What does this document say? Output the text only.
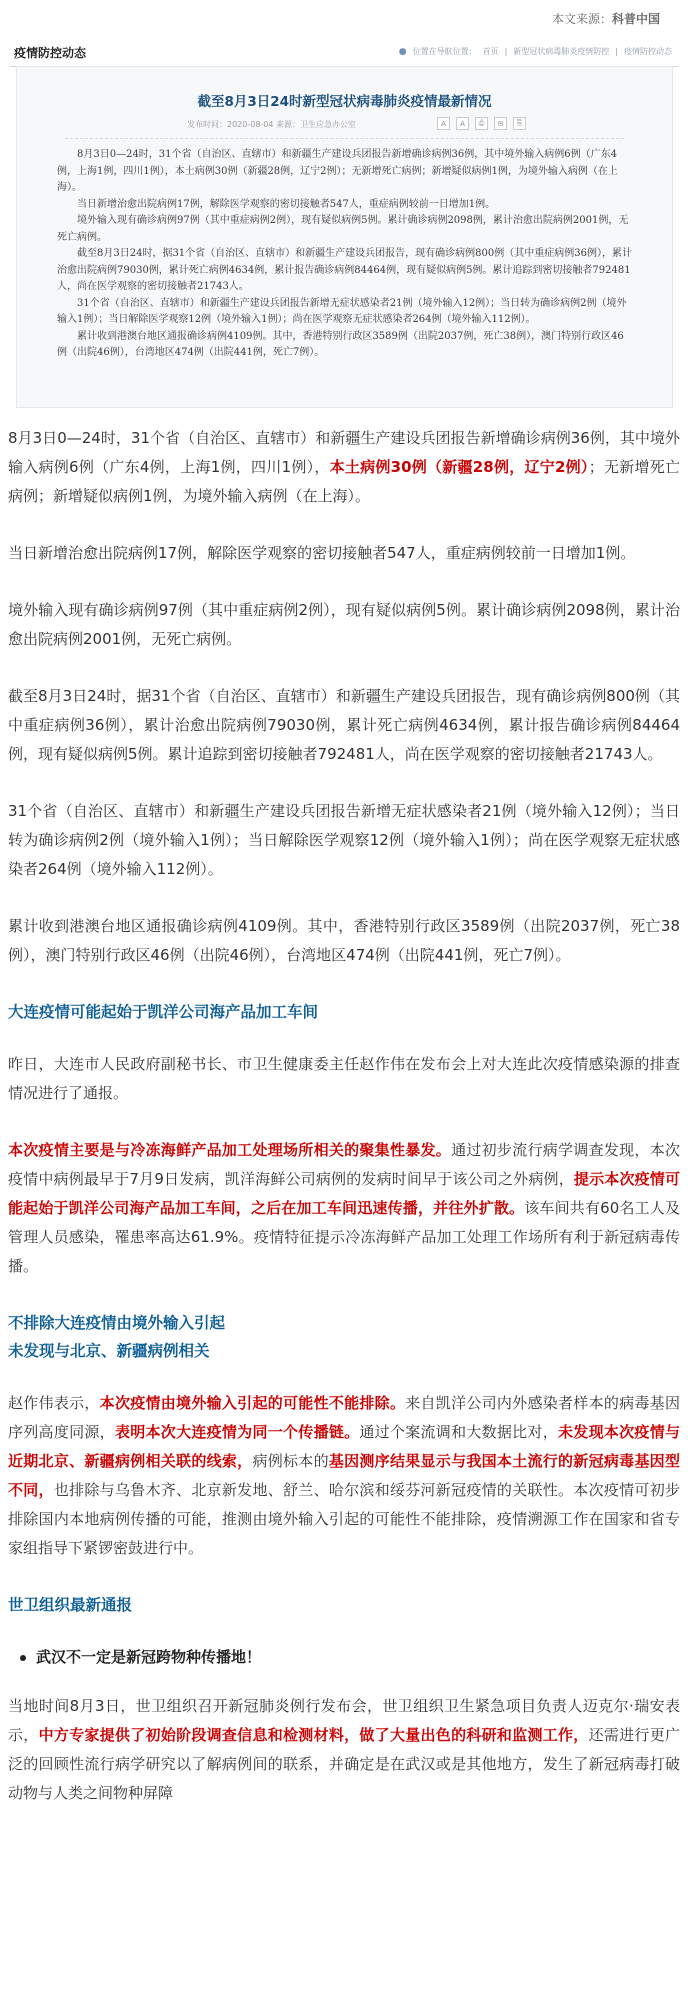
本文来源：科普中国
疫情防控动态	● 位置在导航位置： 首页 | 新型冠状病毒肺炎疫情防控 | 疫情防控动态
截至8月3日24时新型冠状病毒肺炎疫情最新情况
发布时间：2020-08-04 来源：卫生应急办公室	A	A	⎙	✉	⎘

8月3日0—24时，31个省（自治区、直辖市）和新疆生产建设兵团报告新增确诊病例36例，其中境外输入病例6例（广东4例，上海1例，四川1例），本土病例30例（新疆28例，辽宁2例）；无新增死亡病例；新增疑似病例1例，为境外输入病例（在上海）。

当日新增治愈出院病例17例，解除医学观察的密切接触者547人，重症病例较前一日增加1例。

境外输入现有确诊病例97例（其中重症病例2例），现有疑似病例5例。累计确诊病例2098例，累计治愈出院病例2001例，无死亡病例。

截至8月3日24时，据31个省（自治区、直辖市）和新疆生产建设兵团报告，现有确诊病例800例（其中重症病例36例），累计治愈出院病例79030例，累计死亡病例4634例，累计报告确诊病例84464例，现有疑似病例5例。累计追踪到密切接触者792481人，尚在医学观察的密切接触者21743人。

31个省（自治区、直辖市）和新疆生产建设兵团报告新增无症状感染者21例（境外输入12例）；当日转为确诊病例2例（境外输入1例）；当日解除医学观察12例（境外输入1例）；尚在医学观察无症状感染者264例（境外输入112例）。

累计收到港澳台地区通报确诊病例4109例。其中，香港特别行政区3589例（出院2037例，死亡38例），澳门特别行政区46例（出院46例），台湾地区474例（出院441例，死亡7例）。

8月3日0—24时，31个省（自治区、直辖市）和新疆生产建设兵团报告新增确诊病例36例，其中境外输入病例6例（广东4例，上海1例，四川1例），本土病例30例（新疆28例，辽宁2例）；无新增死亡病例；新增疑似病例1例，为境外输入病例（在上海）。

当日新增治愈出院病例17例，解除医学观察的密切接触者547人，重症病例较前一日增加1例。

境外输入现有确诊病例97例（其中重症病例2例），现有疑似病例5例。累计确诊病例2098例，累计治愈出院病例2001例，无死亡病例。

截至8月3日24时，据31个省（自治区、直辖市）和新疆生产建设兵团报告，现有确诊病例800例（其中重症病例36例），累计治愈出院病例79030例，累计死亡病例4634例，累计报告确诊病例84464例，现有疑似病例5例。累计追踪到密切接触者792481人，尚在医学观察的密切接触者21743人。

31个省（自治区、直辖市）和新疆生产建设兵团报告新增无症状感染者21例（境外输入12例）；当日转为确诊病例2例（境外输入1例）；当日解除医学观察12例（境外输入1例）；尚在医学观察无症状感染者264例（境外输入112例）。

累计收到港澳台地区通报确诊病例4109例。其中，香港特别行政区3589例（出院2037例，死亡38例），澳门特别行政区46例（出院46例），台湾地区474例（出院441例，死亡7例）。

大连疫情可能起始于凯洋公司海产品加工车间

昨日，大连市人民政府副秘书长、市卫生健康委主任赵作伟在发布会上对大连此次疫情感染源的排查情况进行了通报。

本次疫情主要是与冷冻海鲜产品加工处理场所相关的聚集性暴发。通过初步流行病学调查发现，本次疫情中病例最早于7月9日发病，凯洋海鲜公司病例的发病时间早于该公司之外病例，提示本次疫情可能起始于凯洋公司海产品加工车间，之后在加工车间迅速传播，并往外扩散。该车间共有60名工人及管理人员感染，罹患率高达61.9%。疫情特征提示冷冻海鲜产品加工处理工作场所有利于新冠病毒传播。

不排除大连疫情由境外输入引起
未发现与北京、新疆病例相关

赵作伟表示，本次疫情由境外输入引起的可能性不能排除。来自凯洋公司内外感染者样本的病毒基因序列高度同源，表明本次大连疫情为同一个传播链。通过个案流调和大数据比对，未发现本次疫情与近期北京、新疆病例相关联的线索，病例标本的基因测序结果显示与我国本土流行的新冠病毒基因型不同，也排除与乌鲁木齐、北京新发地、舒兰、哈尔滨和绥芬河新冠疫情的关联性。本次疫情可初步排除国内本地病例传播的可能，推测由境外输入引起的可能性不能排除，疫情溯源工作在国家和省专家组指导下紧锣密鼓进行中。

世卫组织最新通报
武汉不一定是新冠跨物种传播地！

当地时间8月3日，世卫组织召开新冠肺炎例行发布会，世卫组织卫生紧急项目负责人迈克尔·瑞安表示，中方专家提供了初始阶段调查信息和检测材料，做了大量出色的科研和监测工作，还需进行更广泛的回顾性流行病学研究以了解病例间的联系，并确定是在武汉或是其他地方，发生了新冠病毒打破动物与人类之间物种屏障
